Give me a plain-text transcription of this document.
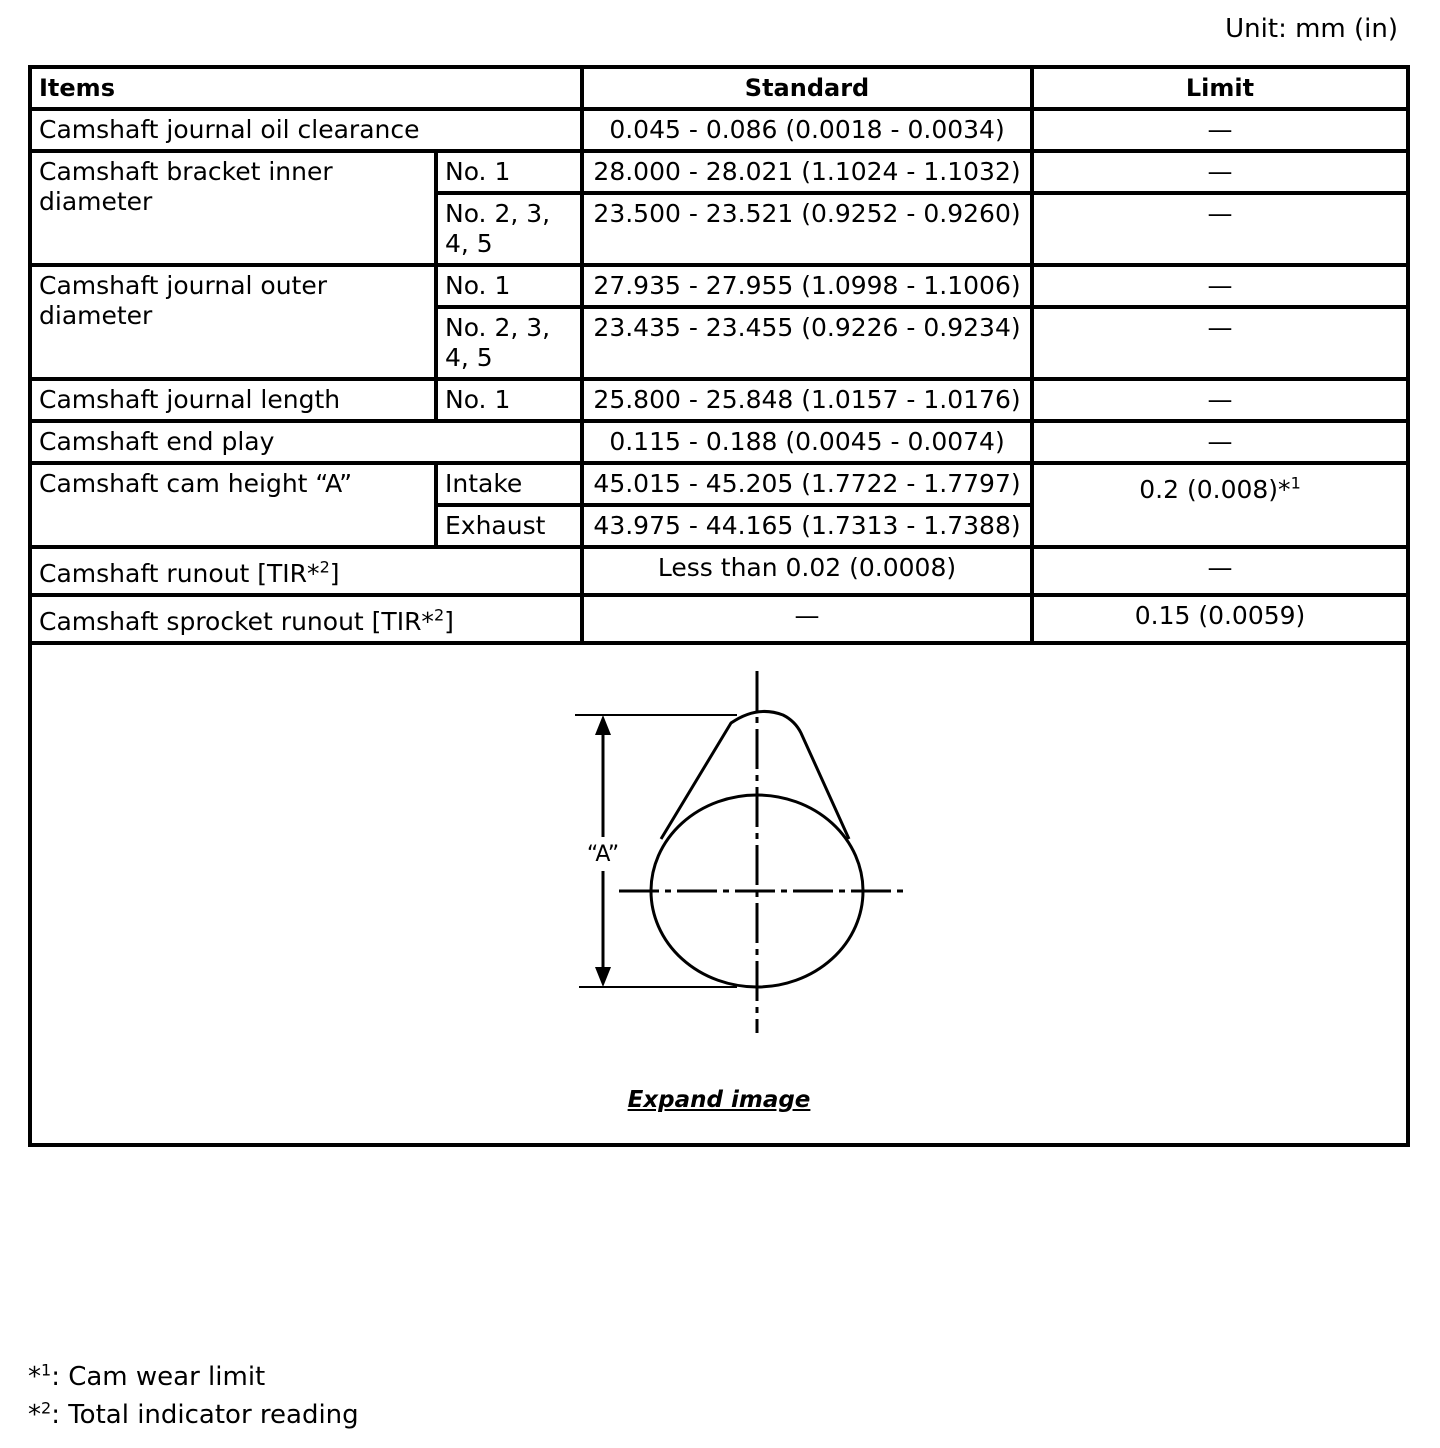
Unit: mm (in)
Items		Standard	Limit
Camshaft journal oil clearance		0.045 - 0.086 (0.0018 - 0.0034)	—
Camshaft bracket inner diameter	No. 1	28.000 - 28.021 (1.1024 - 1.1032)	—
	No. 2, 3, 4, 5	23.500 - 23.521 (0.9252 - 0.9260)	—
Camshaft journal outer diameter	No. 1	27.935 - 27.955 (1.0998 - 1.1006)	—
	No. 2, 3, 4, 5	23.435 - 23.455 (0.9226 - 0.9234)	—
Camshaft journal length	No. 1	25.800 - 25.848 (1.0157 - 1.0176)	—
Camshaft end play		0.115 - 0.188 (0.0045 - 0.0074)	—
Camshaft cam height “A”	Intake	45.015 - 45.205 (1.7722 - 1.7797)	0.2 (0.008)*$^1$
	Exhaust	43.975 - 44.165 (1.7313 - 1.7388)	
Camshaft runout [TIR*$^2$]		Less than 0.02 (0.0008)	—
Camshaft sprocket runout [TIR*$^2$]		—	0.15 (0.0059)

“A”
Expand image			
*$^1$: Cam wear limit
*$^2$: Total indicator reading
